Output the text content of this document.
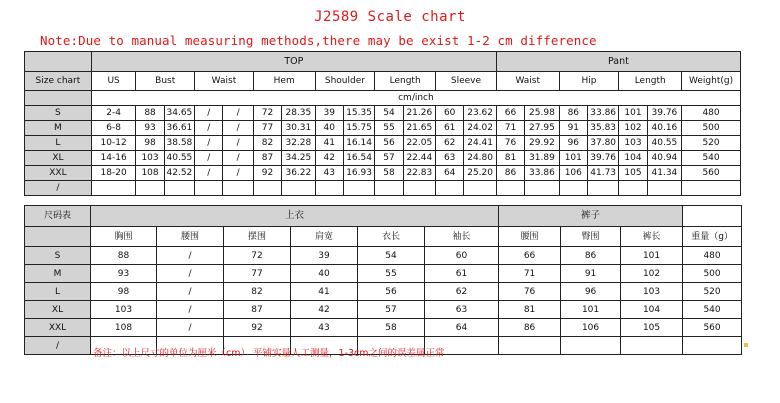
J2589 Scale chart
Note:Due to manual measuring methods,there may be exist 1-2 cm difference
	TOP													Pant						
Size chart	US	Bust		Waist		Hem		Shoulder		Length		Sleeve		Waist		Hip		Length		Weight(g)
	cm/inch																			
S	2-4	88	34.65	/	/	72	28.35	39	15.35	54	21.26	60	23.62	66	25.98	86	33.86	101	39.76	480
M	6-8	93	36.61	/	/	77	30.31	40	15.75	55	21.65	61	24.02	71	27.95	91	35.83	102	40.16	500
L	10-12	98	38.58	/	/	82	32.28	41	16.14	56	22.05	62	24.41	76	29.92	96	37.80	103	40.55	520
XL	14-16	103	40.55	/	/	87	34.25	42	16.54	57	22.44	63	24.80	81	31.89	101	39.76	104	40.94	540
XXL	18-20	108	42.52	/	/	92	36.22	43	16.93	58	22.83	64	25.20	86	33.86	106	41.73	105	41.34	560
/																				
尺码表	上衣						裤子			
	胸围	腰围	摆围	肩宽	衣长	袖长	腰围	臀围	裤长	重量（g）
S	88	/	72	39	54	60	66	86	101	480
M	93	/	77	40	55	61	71	91	102	500
L	98	/	82	41	56	62	76	96	103	520
XL	103	/	87	42	57	63	81	101	104	540
XXL	108	/	92	43	58	64	86	106	105	560
/										
备注：以上尺寸的单位为厘米（cm） 平铺实量人工测量，1-3cm之间的误差属正常
